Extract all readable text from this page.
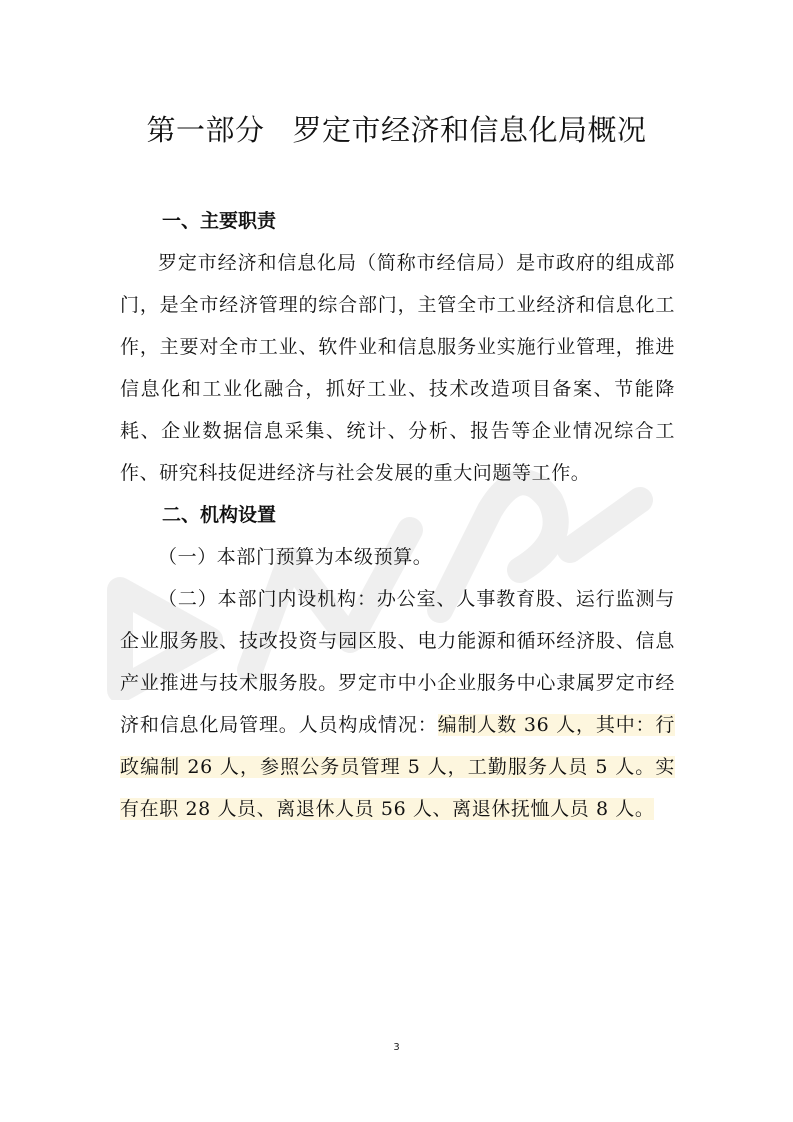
第一部分 罗定市经济和信息化局概况
一、主要职责

罗定市经济和信息化局（简称市经信局）是市政府的组成部门，是全市经济管理的综合部门，主管全市工业经济和信息化工作，主要对全市工业、软件业和信息服务业实施行业管理，推进信息化和工业化融合，抓好工业、技术改造项目备案、节能降耗、企业数据信息采集、统计、分析、报告等企业情况综合工作、研究科技促进经济与社会发展的重大问题等工作。

二、机构设置

（一）本部门预算为本级预算。

（二）本部门内设机构：办公室、人事教育股、运行监测与企业服务股、技改投资与园区股、电力能源和循环经济股、信息产业推进与技术服务股。罗定市中小企业服务中心隶属罗定市经济和信息化局管理。人员构成情况：编制人数 36 人，其中：行政编制 26 人，参照公务员管理 5 人，工勤服务人员 5 人。实有在职 28 人员、离退休人员 56 人、离退休抚恤人员 8 人。

3
